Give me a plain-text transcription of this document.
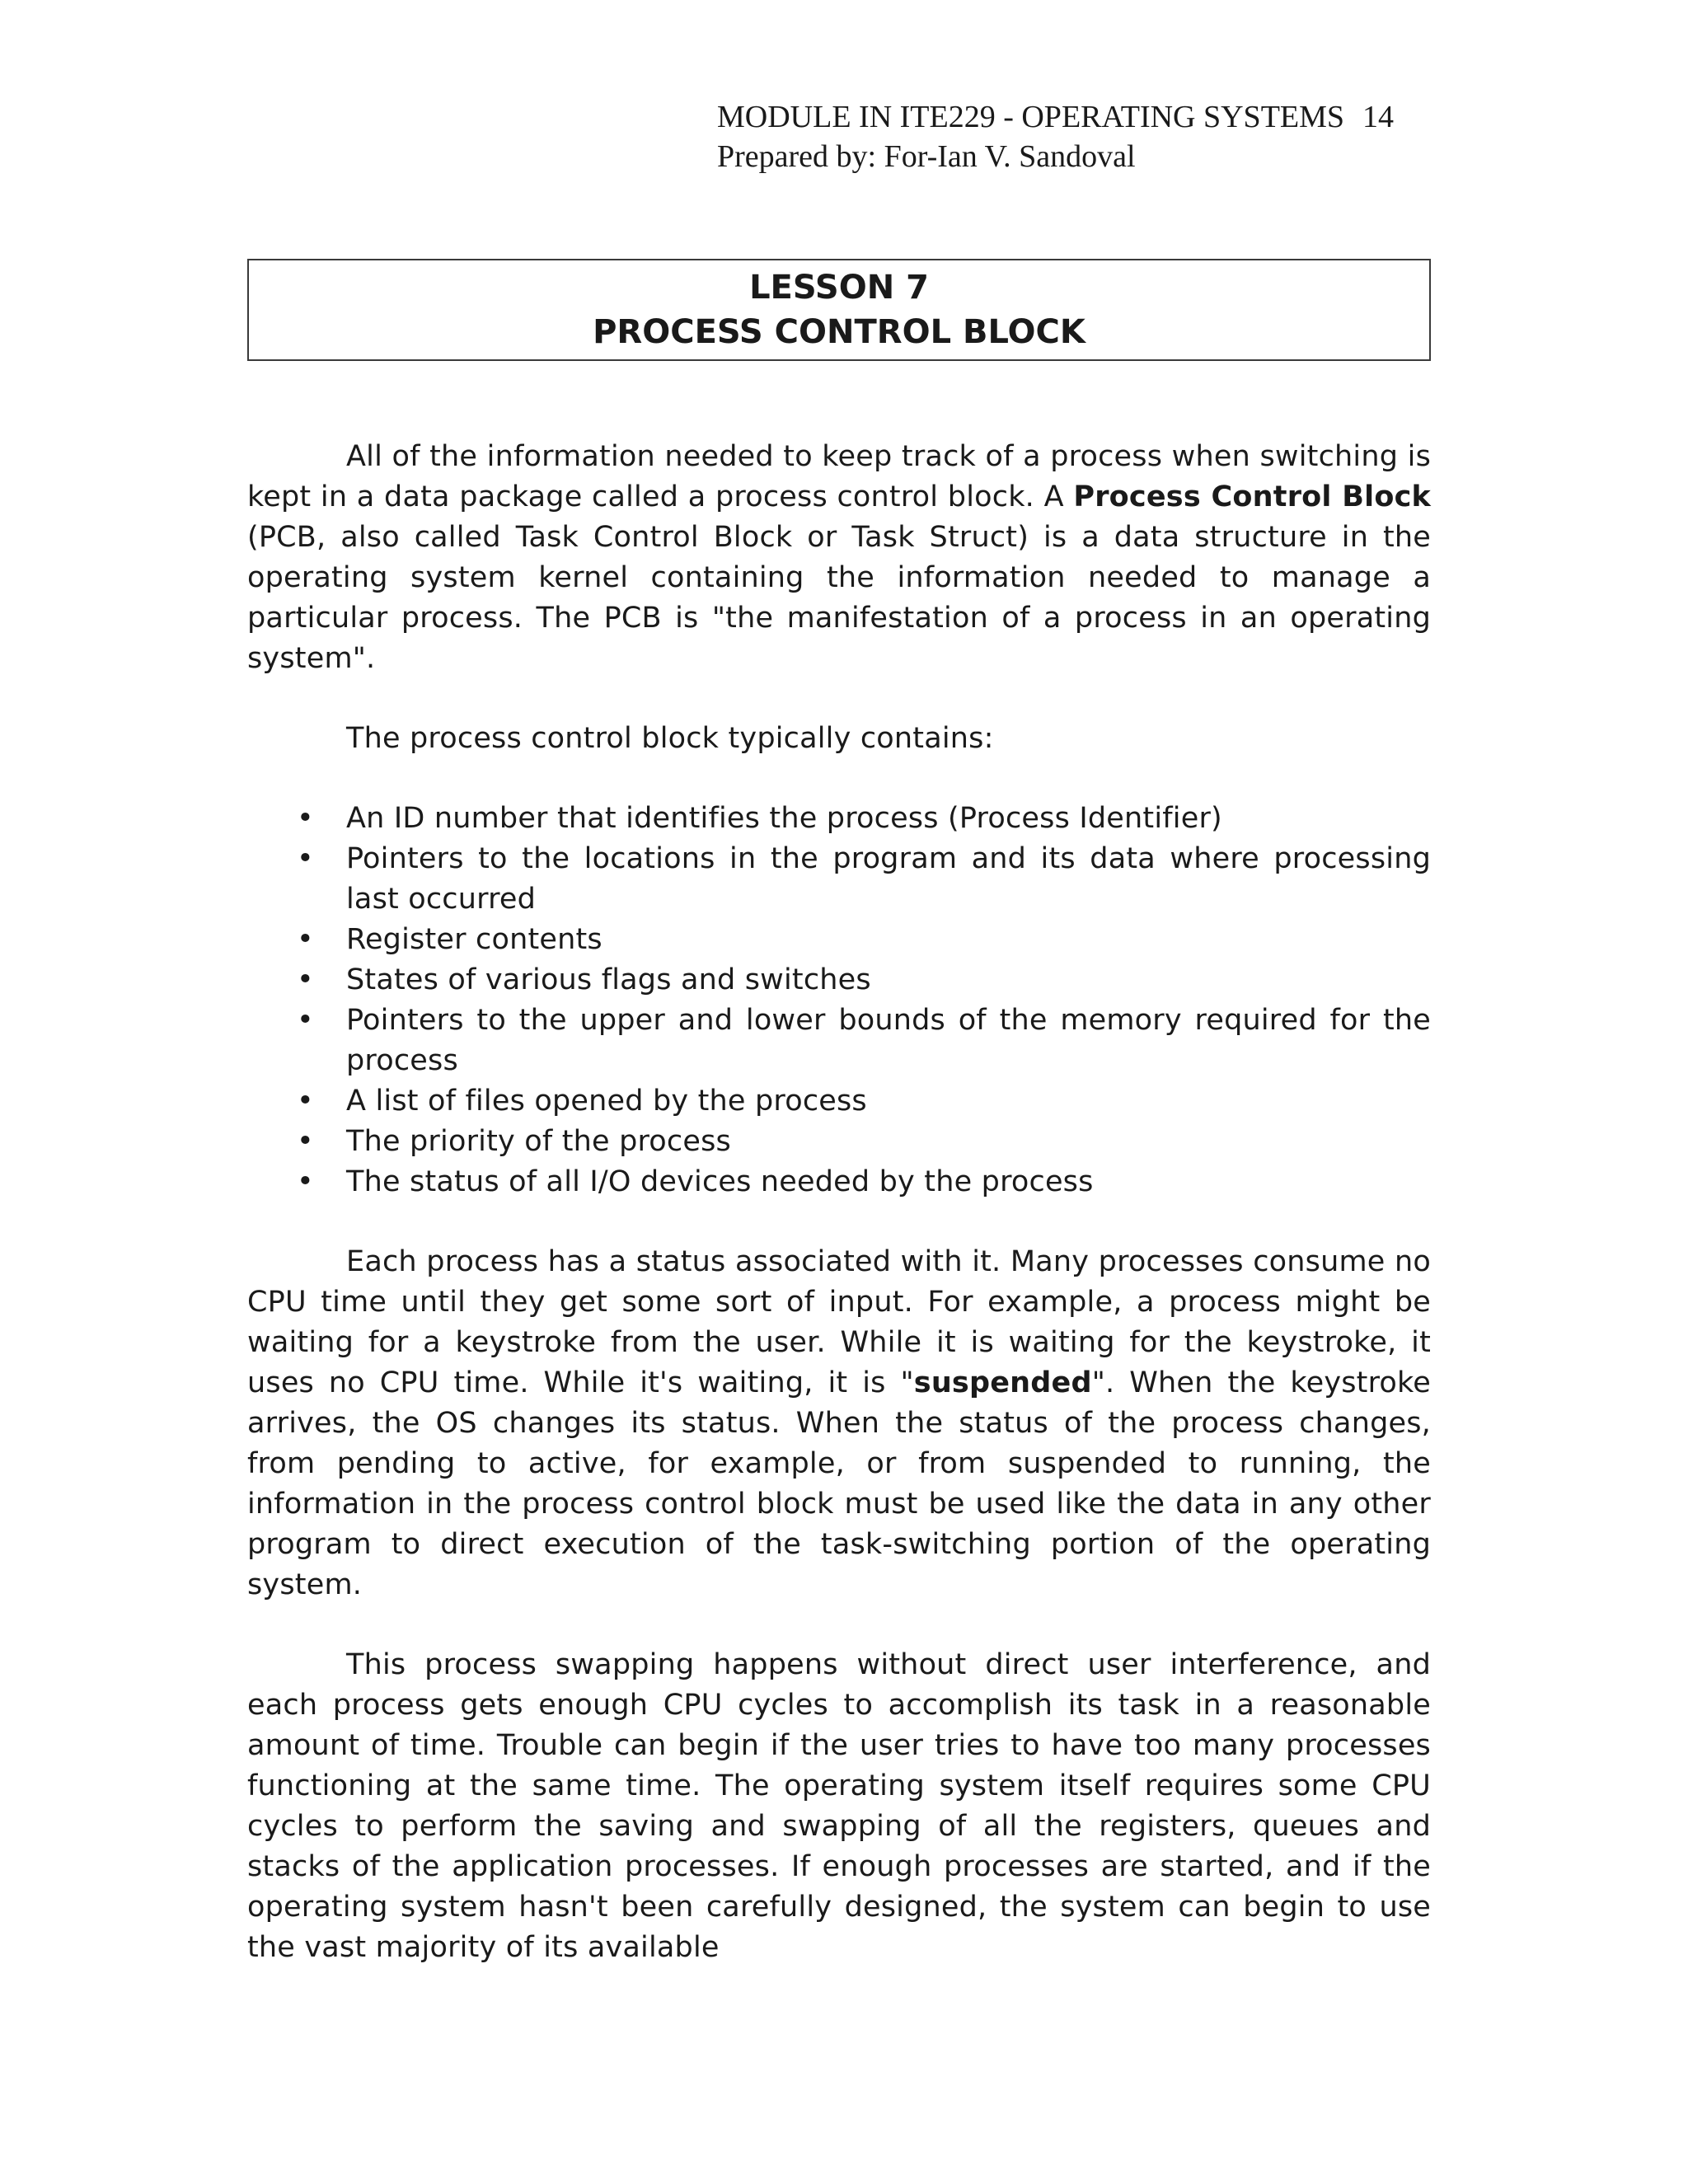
MODULE IN ITE229 - OPERATING SYSTEMS 14
Prepared by: For-Ian V. Sandoval
LESSON 7
PROCESS CONTROL BLOCK

All of the information needed to keep track of a process when switching is kept in a data package called a process control block. A Process Control Block (PCB, also called Task Control Block or Task Struct) is a data structure in the operating system kernel containing the information needed to manage a particular process. The PCB is "the manifestation of a process in an operating system".

The process control block typically contains:

• An ID number that identifies the process (Process Identifier)
• Pointers to the locations in the program and its data where processing last occurred
• Register contents
• States of various flags and switches
• Pointers to the upper and lower bounds of the memory required for the process
• A list of files opened by the process
• The priority of the process
• The status of all I/O devices needed by the process

Each process has a status associated with it. Many processes consume no CPU time until they get some sort of input. For example, a process might be waiting for a keystroke from the user. While it is waiting for the keystroke, it uses no CPU time. While it's waiting, it is "suspended". When the keystroke arrives, the OS changes its status. When the status of the process changes, from pending to active, for example, or from suspended to running, the information in the process control block must be used like the data in any other program to direct execution of the task-switching portion of the operating system.

This process swapping happens without direct user interference, and each process gets enough CPU cycles to accomplish its task in a reasonable amount of time. Trouble can begin if the user tries to have too many processes functioning at the same time. The operating system itself requires some CPU cycles to perform the saving and swapping of all the registers, queues and stacks of the application processes. If enough processes are started, and if the operating system hasn't been carefully designed, the system can begin to use the vast majority of its available
